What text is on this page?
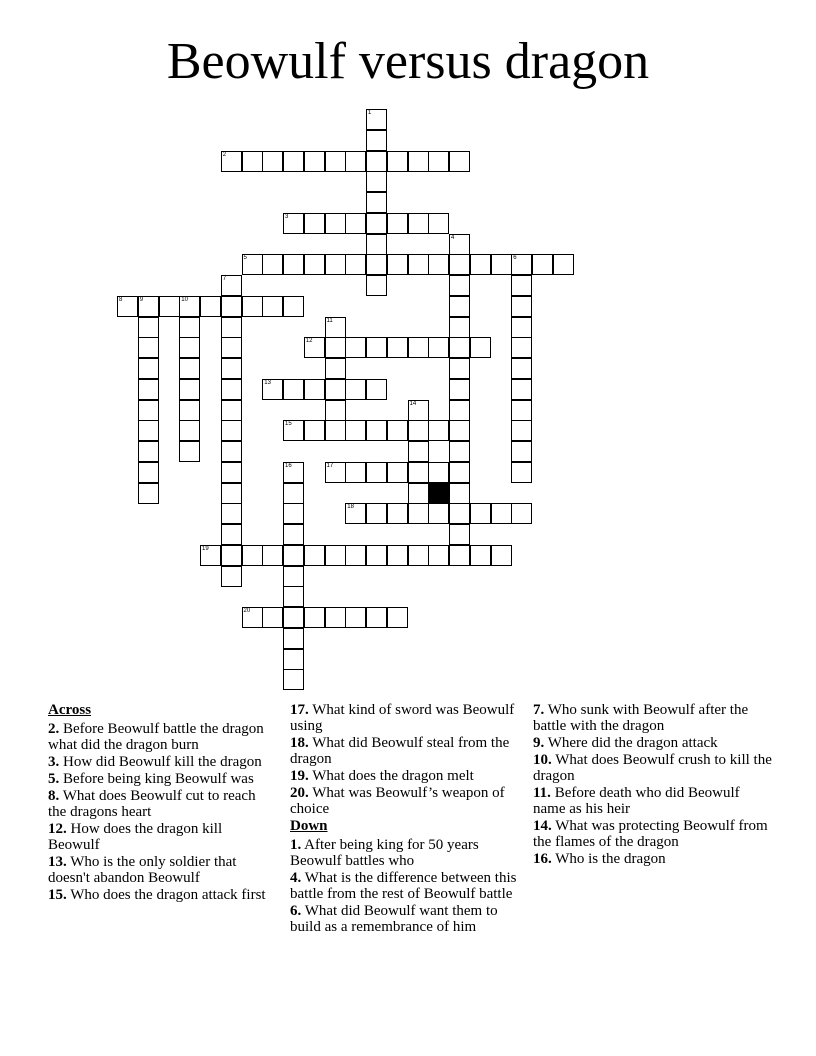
Beowulf versus dragon
1
2
3
4
5	6
7
8	9	10
11
12
13
14
15
16	17
18
19
20
Across
2. Before Beowulf battle the dragon what did the dragon burn
3. How did Beowulf kill the dragon
5. Before being king Beowulf was
8. What does Beowulf cut to reach the dragons heart
12. How does the dragon kill Beowulf
13. Who is the only soldier that doesn't abandon Beowulf
15. Who does the dragon attack first
17. What kind of sword was Beowulf using
18. What did Beowulf steal from the dragon
19. What does the dragon melt
20. What was Beowulf’s weapon of choice
Down
1. After being king for 50 years Beowulf battles who
4. What is the difference between this battle from the rest of Beowulf battle
6. What did Beowulf want them to build as a remembrance of him
7. Who sunk with Beowulf after the battle with the dragon
9. Where did the dragon attack
10. What does Beowulf crush to kill the dragon
11. Before death who did Beowulf name as his heir
14. What was protecting Beowulf from the flames of the dragon
16. Who is the dragon
